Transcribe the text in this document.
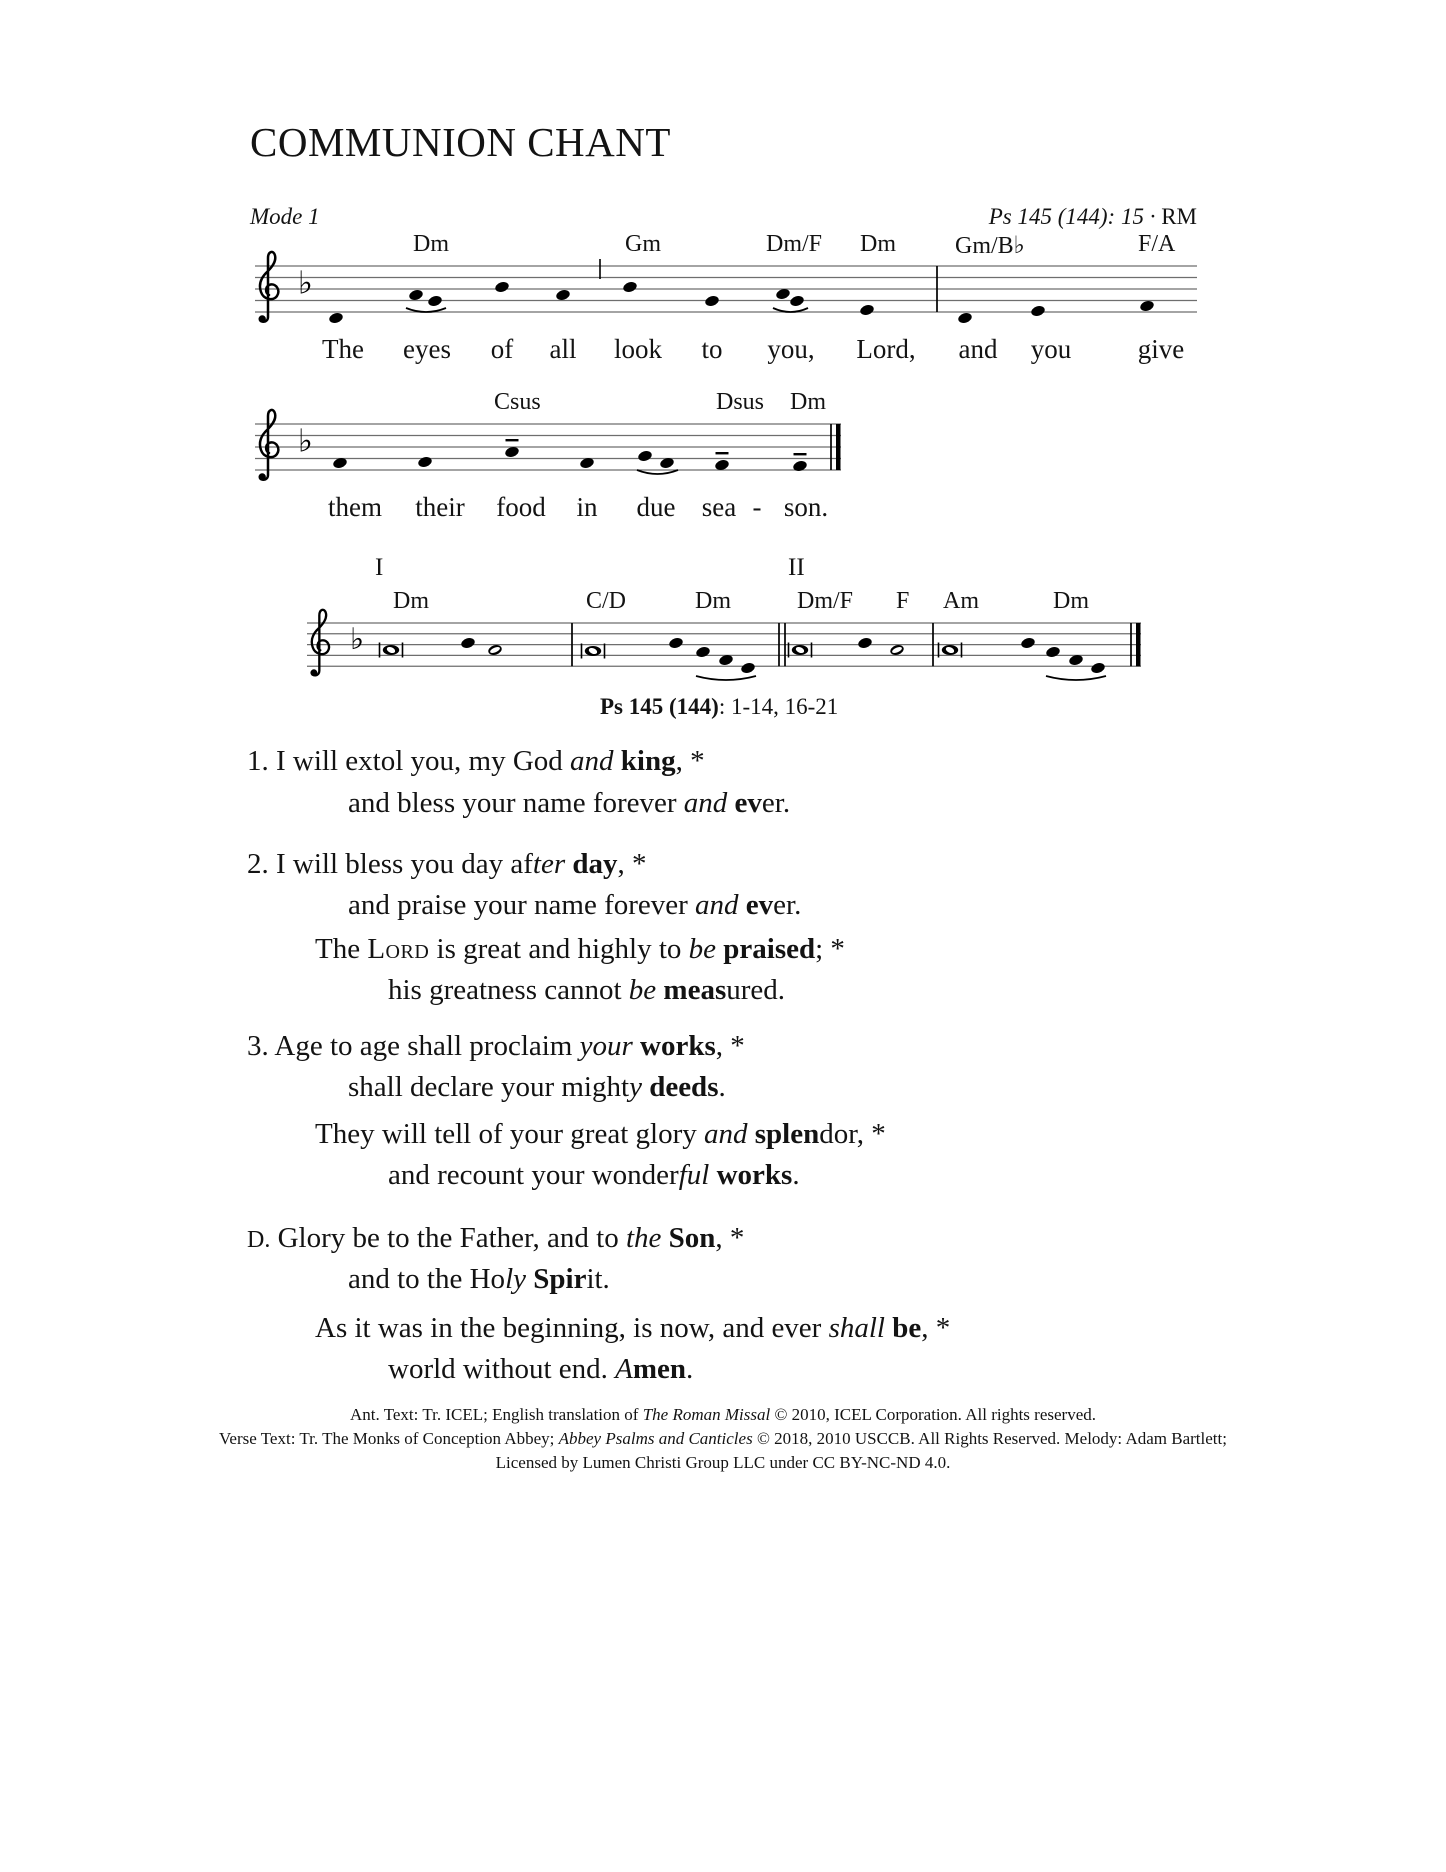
COMMUNION CHANT
Mode 1	Ps 145 (144): 15 · RM
♭
♭
♭
Dm	Gm	Dm/F Dm Gm/B♭	F/A
The eyes of all look to you, Lord, and you give
Csus	Dsus Dm
them their food in due sea - son.
Dm	C/D	Dm	Dm/F F Am	Dm
I	II
Ps 145 (144): 1-14, 16-21
1. I will extol you, my God and king, *
and bless your name forever and ever.
2. I will bless you day after day, *
and praise your name forever and ever.
The Lord is great and highly to be praised; *
his greatness cannot be measured.
3. Age to age shall proclaim your works, *
shall declare your mighty deeds.
They will tell of your great glory and splendor, *
and recount your wonderful works.
D. Glory be to the Father, and to the Son, *
and to the Holy Spirit.
As it was in the beginning, is now, and ever shall be, *
world without end. Amen.
Ant. Text: Tr. ICEL; English translation of The Roman Missal © 2010, ICEL Corporation. All rights reserved.
Verse Text: Tr. The Monks of Conception Abbey; Abbey Psalms and Canticles © 2018, 2010 USCCB. All Rights Reserved. Melody: Adam Bartlett;
Licensed by Lumen Christi Group LLC under CC BY-NC-ND 4.0.
